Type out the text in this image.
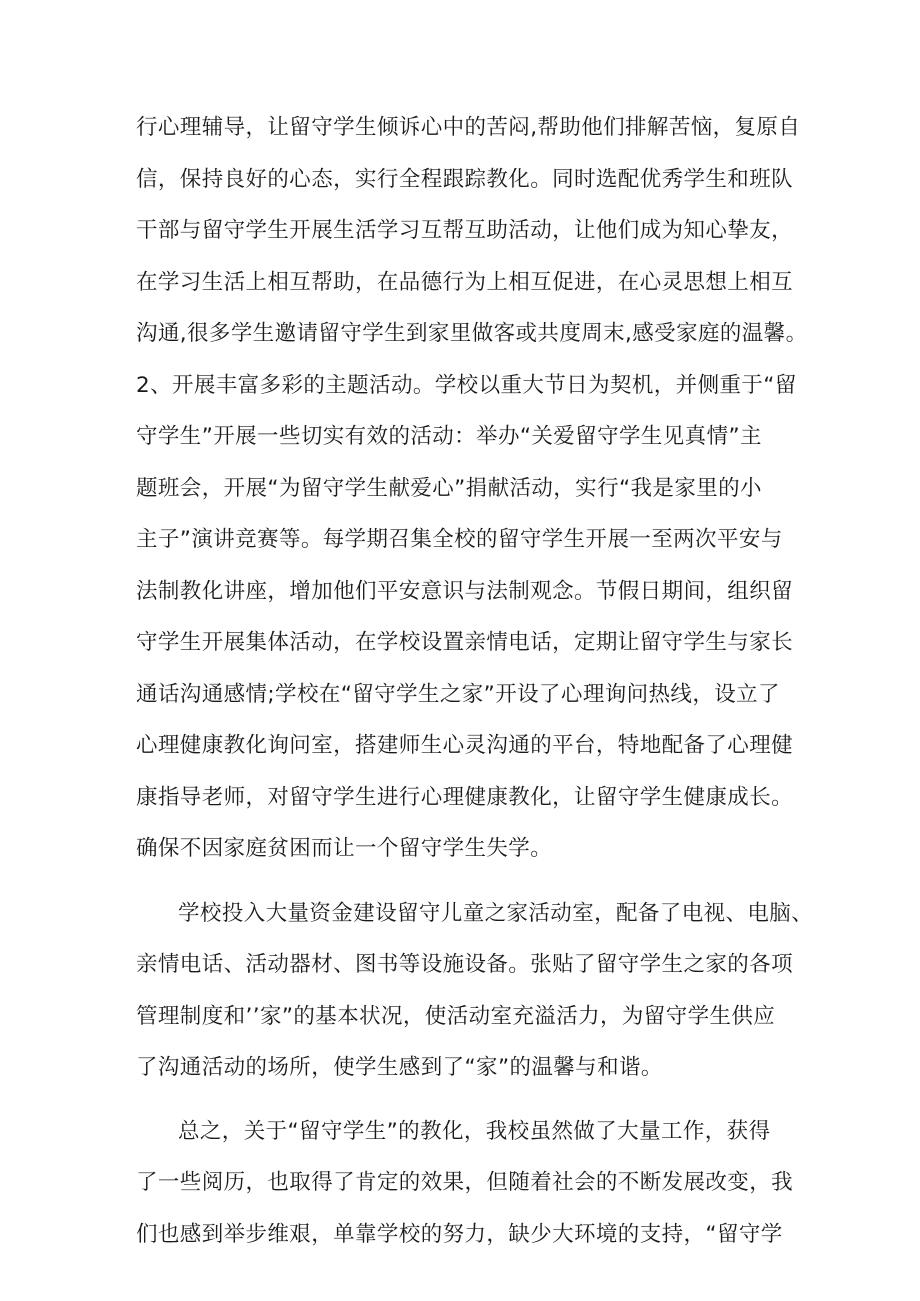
行心理辅导，让留守学生倾诉心中的苦闷,帮助他们排解苦恼，复原自
信，保持良好的心态，实行全程跟踪教化。同时选配优秀学生和班队
干部与留守学生开展生活学习互帮互助活动，让他们成为知心挚友，
在学习生活上相互帮助，在品德行为上相互促进，在心灵思想上相互
沟通,很多学生邀请留守学生到家里做客或共度周末,感受家庭的温馨。
2、开展丰富多彩的主题活动。学校以重大节日为契机，并侧重于“留
守学生”开展一些切实有效的活动：举办“关爱留守学生见真情”主
题班会，开展“为留守学生献爱心”捐献活动，实行“我是家里的小
主子”演讲竞赛等。每学期召集全校的留守学生开展一至两次平安与
法制教化讲座，增加他们平安意识与法制观念。节假日期间，组织留
守学生开展集体活动，在学校设置亲情电话，定期让留守学生与家长
通话沟通感情;学校在“留守学生之家”开设了心理询问热线，设立了
心理健康教化询问室，搭建师生心灵沟通的平台，特地配备了心理健
康指导老师，对留守学生进行心理健康教化，让留守学生健康成长。
确保不因家庭贫困而让一个留守学生失学。
学校投入大量资金建设留守儿童之家活动室，配备了电视、电脑、
亲情电话、活动器材、图书等设施设备。张贴了留守学生之家的各项
管理制度和’’家”的基本状况，使活动室充溢活力，为留守学生供应
了沟通活动的场所，使学生感到了“家”的温馨与和谐。
总之，关于“留守学生”的教化，我校虽然做了大量工作，获得
了一些阅历，也取得了肯定的效果，但随着社会的不断发展改变，我
们也感到举步维艰，单靠学校的努力，缺少大环境的支持，“留守学
